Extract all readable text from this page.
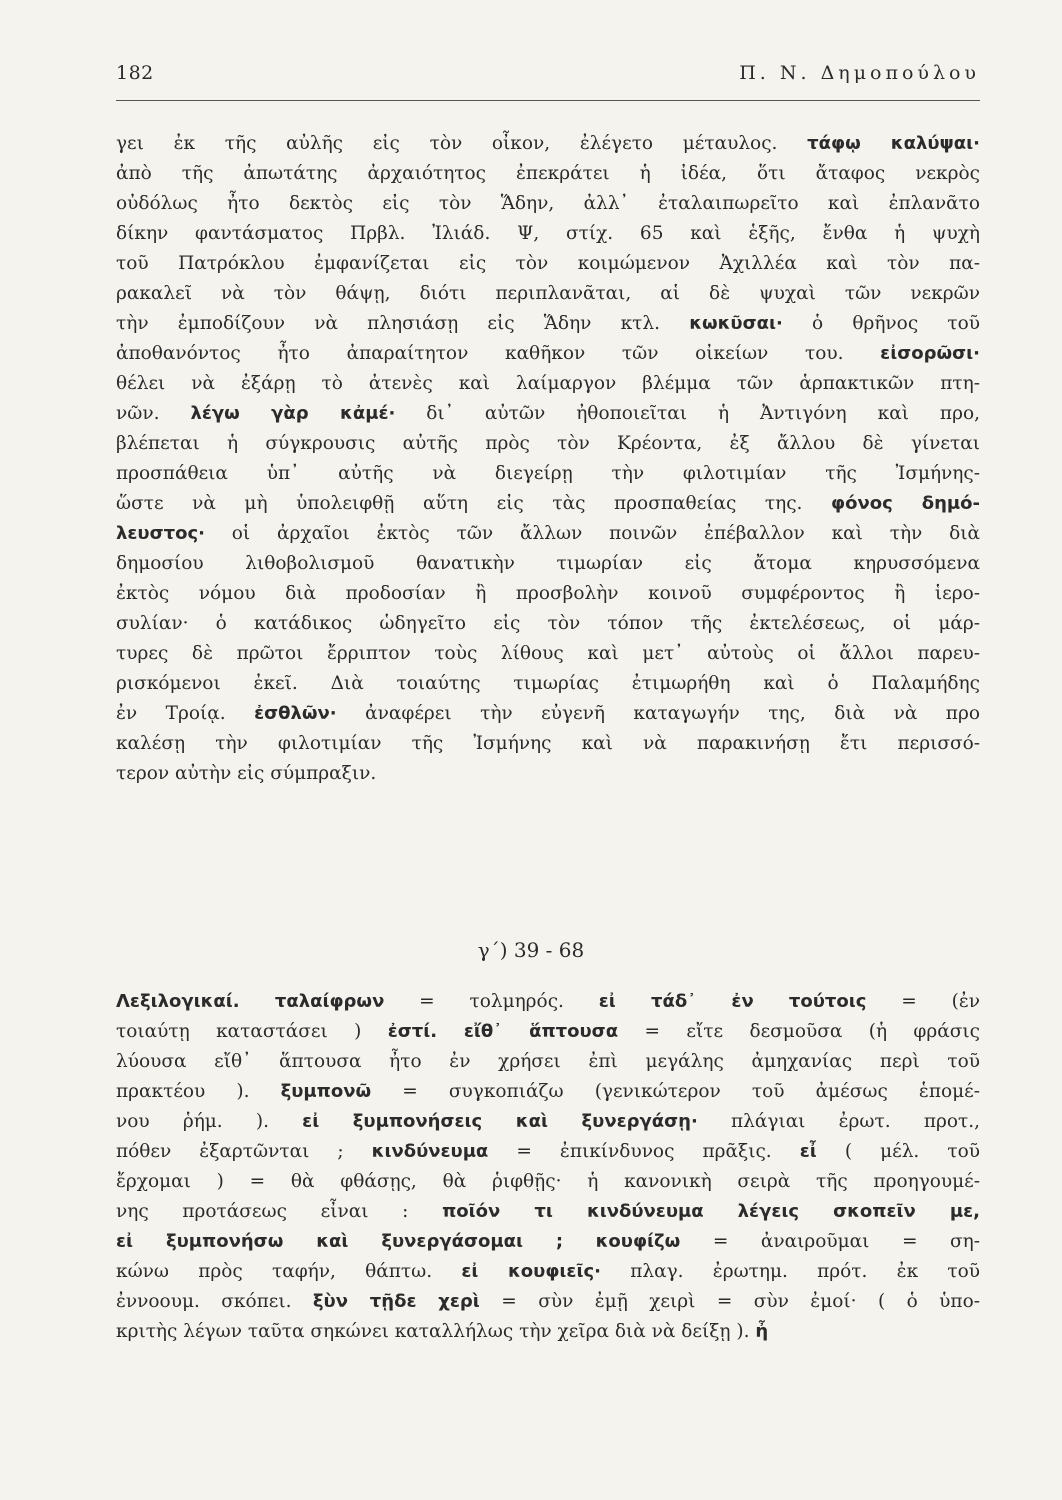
182	Π. Ν. Δημοπούλου
γει ἐκ τῆς αὐλῆς εἰς τὸν οἶκον, ἐλέγετο μέταυλος. τάφῳ καλύψαι·
ἀπὸ τῆς ἀπωτάτης ἀρχαιότητος ἐπεκράτει ἡ ἰδέα, ὅτι ἄταφος νεκρὸς
οὐδόλως ἦτο δεκτὸς εἰς τὸν Ἅδην, ἀλλ᾽ ἐταλαιπωρεῖτο καὶ ἐπλανᾶτο
δίκην φαντάσματος Πρβλ. Ἰλιάδ. Ψ, στίχ. 65 καὶ ἑξῆς, ἔνθα ἡ ψυχὴ
τοῦ Πατρόκλου ἐμφανίζεται εἰς τὸν κοιμώμενον Ἀχιλλέα καὶ τὸν πα-
ρακαλεῖ νὰ τὸν θάψῃ, διότι περιπλανᾶται, αἱ δὲ ψυχαὶ τῶν νεκρῶν
τὴν ἐμποδίζουν νὰ πλησιάσῃ εἰς Ἅδην κτλ. κωκῦσαι· ὁ θρῆνος τοῦ
ἀποθανόντος ἦτο ἀπαραίτητον καθῆκον τῶν οἰκείων του. εἰσορῶσι·
θέλει νὰ ἐξάρῃ τὸ ἀτενὲς καὶ λαίμαργον βλέμμα τῶν ἁρπακτικῶν πτη-
νῶν. λέγω γὰρ κἀμέ· δι᾽ αὐτῶν ἠθοποιεῖται ἡ Ἀντιγόνη καὶ προ,
βλέπεται ἡ σύγκρουσις αὐτῆς πρὸς τὸν Κρέοντα, ἐξ ἄλλου δὲ γίνεται
προσπάθεια ὑπ᾽ αὐτῆς νὰ διεγείρῃ τὴν φιλοτιμίαν τῆς Ἰσμήνης-
ὥστε νὰ μὴ ὑπολειφθῇ αὕτη εἰς τὰς προσπαθείας της. φόνος δημό-
λευστος· οἱ ἀρχαῖοι ἐκτὸς τῶν ἄλλων ποινῶν ἐπέβαλλον καὶ τὴν διὰ
δημοσίου λιθοβολισμοῦ θανατικὴν τιμωρίαν εἰς ἄτομα κηρυσσόμενα
ἐκτὸς νόμου διὰ προδοσίαν ἢ προσβολὴν κοινοῦ συμφέροντος ἢ ἱερο-
συλίαν· ὁ κατάδικος ὡδηγεῖτο εἰς τὸν τόπον τῆς ἐκτελέσεως, οἱ μάρ-
τυρες δὲ πρῶτοι ἔρριπτον τοὺς λίθους καὶ μετ᾽ αὐτοὺς οἱ ἄλλοι παρευ-
ρισκόμενοι ἐκεῖ. Διὰ τοιαύτης τιμωρίας ἐτιμωρήθη καὶ ὁ Παλαμήδης
ἐν Τροίᾳ. ἐσθλῶν· ἀναφέρει τὴν εὐγενῆ καταγωγήν της, διὰ νὰ προ
καλέσῃ τὴν φιλοτιμίαν τῆς Ἰσμήνης καὶ νὰ παρακινήσῃ ἔτι περισσό-
τερον αὐτὴν εἰς σύμπραξιν.
γ΄) 39 - 68
Λεξιλογικαί. ταλαίφρων = τολμηρός. εἰ τάδ᾽ ἐν τούτοις = (ἐν
τοιαύτῃ καταστάσει ) ἐστί. εἴθ᾽ ἅπτουσα = εἴτε δεσμοῦσα (ἡ φράσις
λύουσα εἴθ᾽ ἅπτουσα ἦτο ἐν χρήσει ἐπὶ μεγάλης ἀμηχανίας περὶ τοῦ
πρακτέου ). ξυμπονῶ = συγκοπιάζω (γενικώτερον τοῦ ἀμέσως ἑπομέ-
νου ῥήμ. ). εἰ ξυμπονήσεις καὶ ξυνεργάσῃ· πλάγιαι ἐρωτ. προτ.,
πόθεν ἐξαρτῶνται ; κινδύνευμα = ἐπικίνδυνος πρᾶξις. εἶ ( μέλ. τοῦ
ἔρχομαι ) = θὰ φθάσῃς, θὰ ῥιφθῇς· ἡ κανονικὴ σειρὰ τῆς προηγουμέ-
νης προτάσεως εἶναι : ποῖόν τι κινδύνευμα λέγεις σκοπεῖν με,
εἰ ξυμπονήσω καὶ ξυνεργάσομαι ; κουφίζω = ἀναιροῦμαι = ση-
κώνω πρὸς ταφήν, θάπτω. εἰ κουφιεῖς· πλαγ. ἐρωτημ. πρότ. ἐκ τοῦ
ἐννοουμ. σκόπει. ξὺν τῇδε χερὶ = σὺν ἐμῇ χειρὶ = σὺν ἐμοί· ( ὁ ὑπο-
κριτὴς λέγων ταῦτα σηκώνει καταλλήλως τὴν χεῖρα διὰ νὰ δείξῃ ). ἦ
